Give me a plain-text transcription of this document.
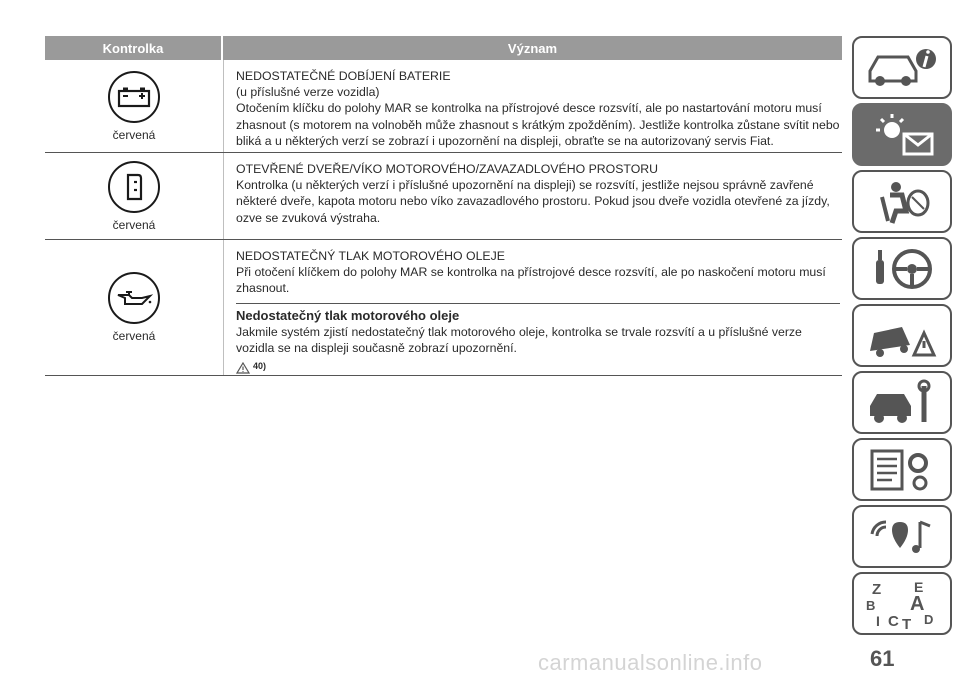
Kontrolka	Význam
červená
NEDOSTATEČNÉ DOBÍJENÍ BATERIE
(u příslušné verze vozidla)
Otočením klíčku do polohy MAR se kontrolka na přístrojové desce rozsvítí, ale po nastartování motoru musí zhasnout (s motorem na volnoběh může zhasnout s krátkým zpožděním). Jestliže kontrolka zůstane svítit nebo bliká a u některých verzí se zobrazí i upozornění na displeji, obraťte se na autorizovaný servis Fiat.
červená
OTEVŘENÉ DVEŘE/VÍKO MOTOROVÉHO/ZAVAZADLOVÉHO PROSTORU
Kontrolka (u některých verzí i příslušné upozornění na displeji) se rozsvítí, jestliže nejsou správně zavřené některé dveře, kapota motoru nebo víko zavazadlového prostoru. Pokud jsou dveře vozidla otevřené za jízdy, ozve se zvuková výstraha.
červená
NEDOSTATEČNÝ TLAK MOTOROVÉHO OLEJE
Při otočení klíčkem do polohy MAR se kontrolka na přístrojové desce rozsvítí, ale po naskočení motoru musí zhasnout.
Nedostatečný tlak motorového oleje
Jakmile systém zjistí nedostatečný tlak motorového oleje, kontrolka se trvale rozsvítí a u příslušné verze vozidla se na displeji současně zobrazí upozornění.
40)
Z E
B A
C T D
I
carmanualsonline.info	61
